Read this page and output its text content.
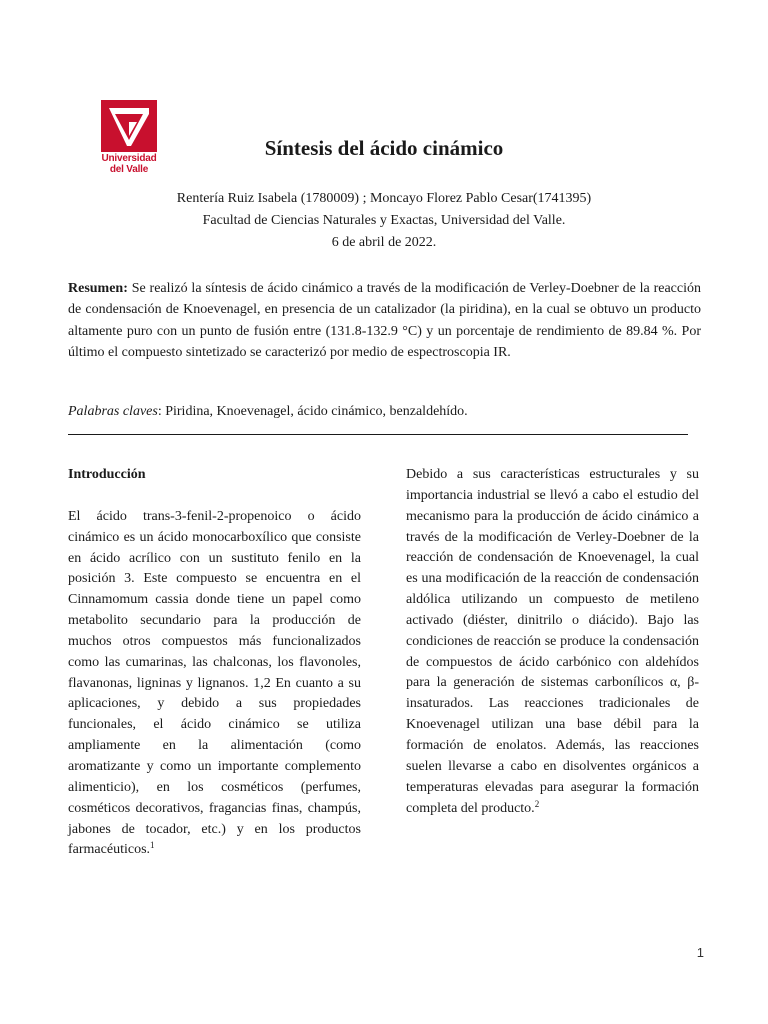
Universidad
del Valle
Síntesis del ácido cinámico
Rentería Ruiz Isabela (1780009) ; Moncayo Florez Pablo Cesar(1741395)
Facultad de Ciencias Naturales y Exactas, Universidad del Valle.
6 de abril de 2022.
Resumen: Se realizó la síntesis de ácido cinámico a través de la modificación de Verley-Doebner de la reacción de condensación de Knoevenagel, en presencia de un catalizador (la piridina), en la cual se obtuvo un producto altamente puro con un punto de fusión entre (131.8-132.9 °C) y un porcentaje de rendimiento de 89.84 %. Por último el compuesto sintetizado se caracterizó por medio de espectroscopia IR.
Palabras claves: Piridina, Knoevenagel, ácido cinámico, benzaldehído.
Introducción

El ácido trans-3-fenil-2-propenoico o ácido cinámico es un ácido monocarboxílico que consiste en ácido acrílico con un sustituto fenilo en la posición 3. Este compuesto se encuentra en el Cinnamomum cassia donde tiene un papel como metabolito secundario para la producción de muchos otros compuestos más funcionalizados como las cumarinas, las chalconas, los flavonoles, flavanonas, ligninas y lignanos. 1,2 En cuanto a su aplicaciones, y debido a sus propiedades funcionales, el ácido cinámico se utiliza ampliamente en la alimentación (como aromatizante y como un importante complemento alimenticio), en los cosméticos (perfumes, cosméticos decorativos, fragancias finas, champús, jabones de tocador, etc.) y en los productos farmacéuticos.$^1$

Debido a sus características estructurales y su importancia industrial se llevó a cabo el estudio del mecanismo para la producción de ácido cinámico a través de la modificación de Verley-Doebner de la reacción de condensación de Knoevenagel, la cual es una modificación de la reacción de condensación aldólica utilizando un compuesto de metileno activado (diéster, dinitrilo o diácido). Bajo las condiciones de reacción se produce la condensación de compuestos de ácido carbónico con aldehídos para la generación de sistemas carbonílicos α, β-insaturados. Las reacciones tradicionales de Knoevenagel utilizan una base débil para la formación de enolatos. Además, las reacciones suelen llevarse a cabo en disolventes orgánicos a temperaturas elevadas para asegurar la formación completa del producto.$^2$

1
